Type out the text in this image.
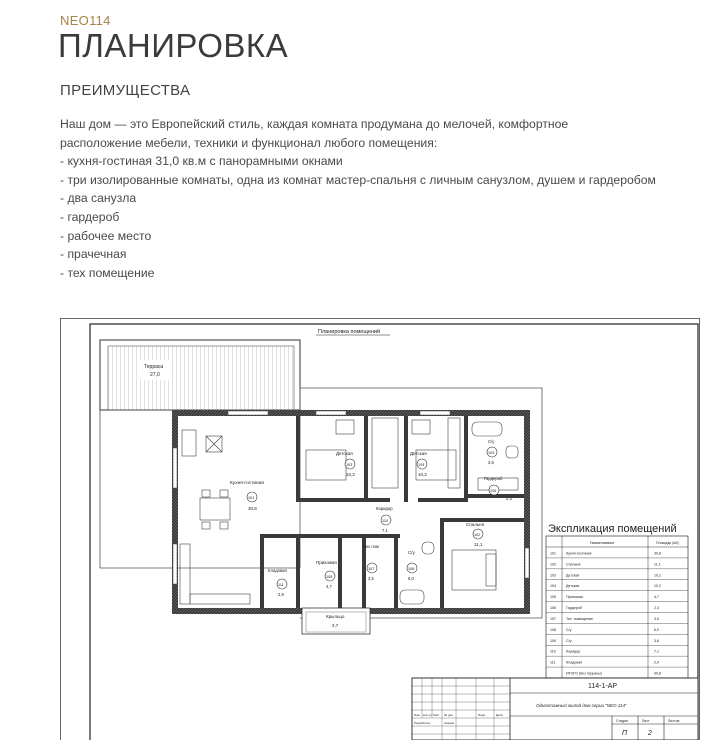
NEO114
ПЛАНИРОВКА
ПРЕИМУЩЕСТВА
Наш дом — это Европейский стиль, каждая комната продумана до мелочей, комфортное
расположение мебели, техники и функционал любого помещения:
- кухня-гостиная 31,0 кв.м с панорамными окнами
- три изолированные комнаты, одна из комнат мастер-спальня с личным санузлом, душем и гардеробом
- два санузла
- гардероб
- рабочее место
- прачечная
- тех помещение
Планировка помещений
Терраса
27,0
Кухня-гостиная
101
30,8
Детская
103
10,2
Детская
104
10,2
С/у
109
3,6
Гардероб
106
2,3
Коридор
110
7,1
Спальня
102
11,1
Прихожая
105
4,7
тех пом
107
3,5
С/у
108
6,0
Кладовая
111
2,9
Крыльцо
2,7
Экспликация помещений
Наименование	Площадь (м2)
101	Кухня-гостиная	30,8
102	Спальня	11,1
103	Детская	10,2
104	Детская	10,2
105	Прихожая	4,7
106	Гардероб	2,3
107	Тех. помещение	3,5
108	С/у	6,0
109	С/у	3,6
110	Коридор	7,1
111	Кладовая	2,9
ИТОГО (без террасы)	90,8
Изм. Кол.уч Лист № док	Подп.	Дата
Разработал	Азанов
114-1-АР
Одноэтажный жилой дом серии "NEO 114"
Стадия	Лист	Листов
П	2
